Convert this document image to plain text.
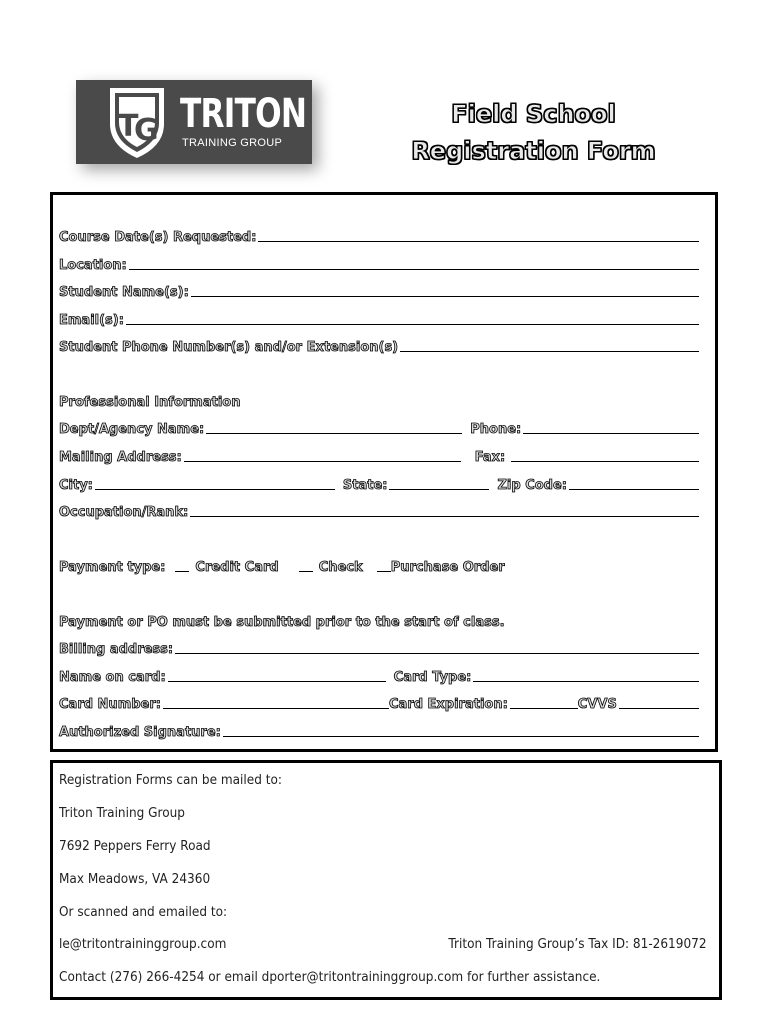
T
G TRITON
TRAINING GROUP
Field School
Registration Form
Course Date(s) Requested:
Location:
Student Name(s):
Email(s):
Student Phone Number(s) and/or Extension(s)
Professional Information
Dept/Agency Name:	Phone:
Mailing Address:	Fax:
City:	State:	Zip Code:
Occupation/Rank:
Payment type: Credit Card	Check Purchase Order
Payment or PO must be submitted prior to the start of class.
Billing address:
Name on card:	Card Type:
Card Number:	Card Expiration:	CVVS
Authorized Signature:
Registration Forms can be mailed to:
Triton Training Group
7692 Peppers Ferry Road
Max Meadows, VA 24360
Or scanned and emailed to:
le@tritontraininggroup.com	Triton Training Group’s Tax ID: 81-2619072
Contact (276) 266-4254 or email dporter@tritontraininggroup.com for further assistance.
